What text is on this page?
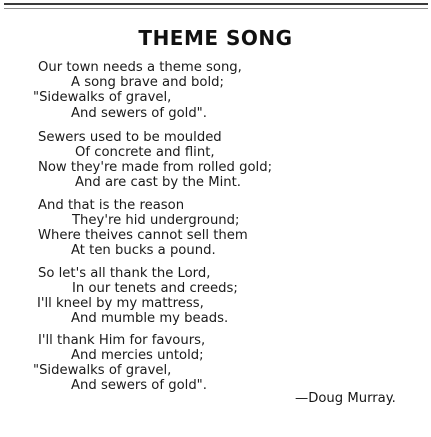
THEME SONG
Our town needs a theme song,
A song brave and bold;
"Sidewalks of gravel,
And sewers of gold".
Sewers used to be moulded
Of concrete and flint,
Now they're made from rolled gold;
And are cast by the Mint.
And that is the reason
They're hid underground;
Where theives cannot sell them
At ten bucks a pound.
So let's all thank the Lord,
In our tenets and creeds;
I'll kneel by my mattress,
And mumble my beads.
I'll thank Him for favours,
And mercies untold;
"Sidewalks of gravel,
And sewers of gold".
—Doug Murray.
